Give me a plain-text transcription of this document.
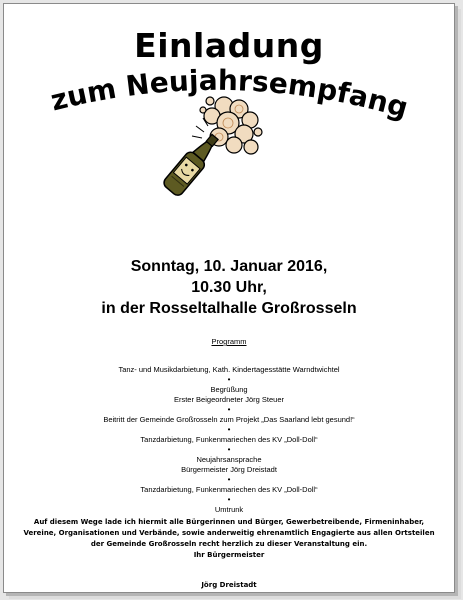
Einladung
zum Neujahrsempfang
Sonntag, 10. Januar 2016,
10.30 Uhr,
in der Rosseltalhalle Großrosseln
Programm
Tanz- und Musikdarbietung, Kath. Kindertagesstätte Warndtwichtel
•
Begrüßung
Erster Beigeordneter Jörg Steuer
•
Beitritt der Gemeinde Großrosseln zum Projekt „Das Saarland lebt gesund!“
•
Tanzdarbietung, Funkenmariechen des KV „Doll-Doll“
•
Neujahrsansprache
Bürgermeister Jörg Dreistadt
•
Tanzdarbietung, Funkenmariechen des KV „Doll-Doll“
•
Umtrunk
Auf diesem Wege lade ich hiermit alle Bürgerinnen und Bürger, Gewerbetreibende, Firmeninhaber,
Vereine, Organisationen und Verbände, sowie anderweitig ehrenamtlich Engagierte aus allen Ortsteilen
der Gemeinde Großrosseln recht herzlich zu dieser Veranstaltung ein.
Ihr Bürgermeister
Jörg Dreistadt
